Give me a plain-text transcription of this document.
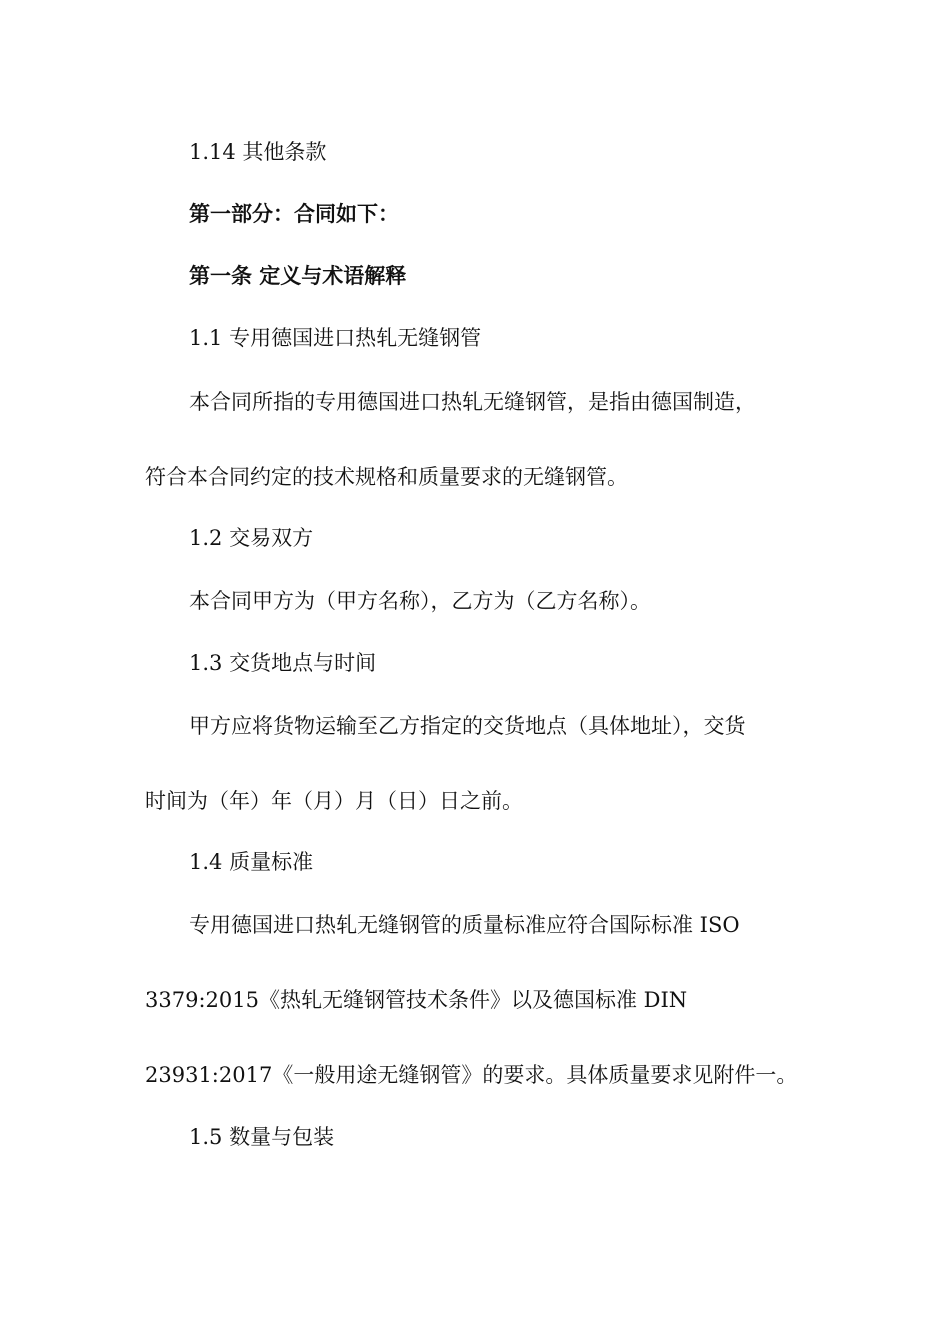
1.14 其他条款

第一部分：合同如下：

第一条 定义与术语解释

1.1 专用德国进口热轧无缝钢管

本合同所指的专用德国进口热轧无缝钢管，是指由德国制造，

符合本合同约定的技术规格和质量要求的无缝钢管。

1.2 交易双方

本合同甲方为（甲方名称），乙方为（乙方名称）。

1.3 交货地点与时间

甲方应将货物运输至乙方指定的交货地点（具体地址），交货

时间为（年）年（月）月（日）日之前。

1.4 质量标准

专用德国进口热轧无缝钢管的质量标准应符合国际标准 ISO

3379:2015《热轧无缝钢管技术条件》以及德国标准 DIN

23931:2017《一般用途无缝钢管》的要求。具体质量要求见附件一。

1.5 数量与包装
